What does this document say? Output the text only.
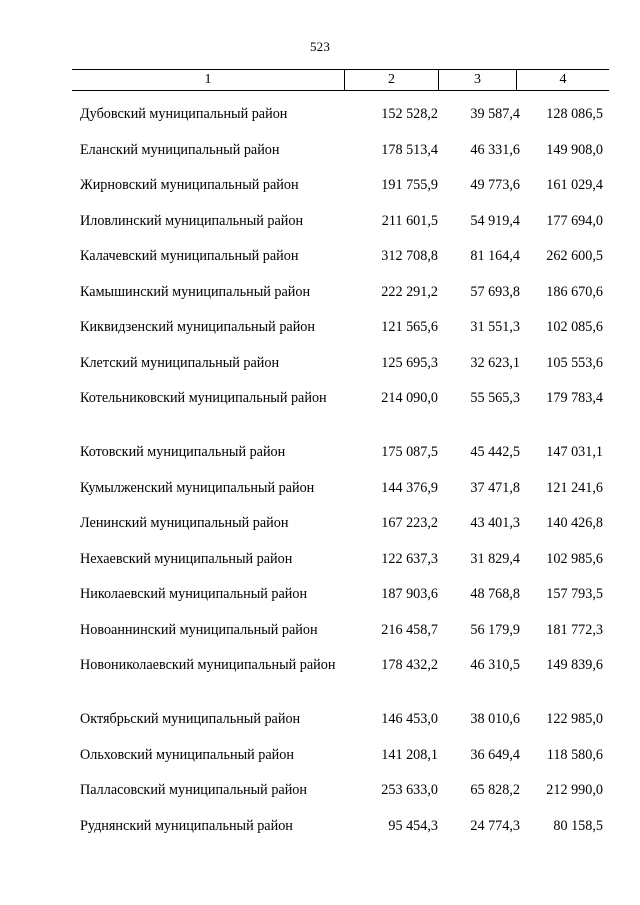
523
1	2	3	4
Дубовский муниципальный район	152 528,2	39 587,4	128 086,5
Еланский муниципальный район	178 513,4	46 331,6	149 908,0
Жирновский муниципальный район	191 755,9	49 773,6	161 029,4
Иловлинский муниципальный район	211 601,5	54 919,4	177 694,0
Калачевский муниципальный район	312 708,8	81 164,4	262 600,5
Камышинский муниципальный район	222 291,2	57 693,8	186 670,6
Киквидзенский муниципальный район	121 565,6	31 551,3	102 085,6
Клетский муниципальный район	125 695,3	32 623,1	105 553,6
Котельниковский муниципальный район	214 090,0	55 565,3	179 783,4
Котовский муниципальный район	175 087,5	45 442,5	147 031,1
Кумылженский муниципальный район	144 376,9	37 471,8	121 241,6
Ленинский муниципальный район	167 223,2	43 401,3	140 426,8
Нехаевский муниципальный район	122 637,3	31 829,4	102 985,6
Николаевский муниципальный район	187 903,6	48 768,8	157 793,5
Новоаннинский муниципальный район	216 458,7	56 179,9	181 772,3
Новониколаевский муниципальный район	178 432,2	46 310,5	149 839,6
Октябрьский муниципальный район	146 453,0	38 010,6	122 985,0
Ольховский муниципальный район	141 208,1	36 649,4	118 580,6
Палласовский муниципальный район	253 633,0	65 828,2	212 990,0
Руднянский муниципальный район	95 454,3	24 774,3	80 158,5
